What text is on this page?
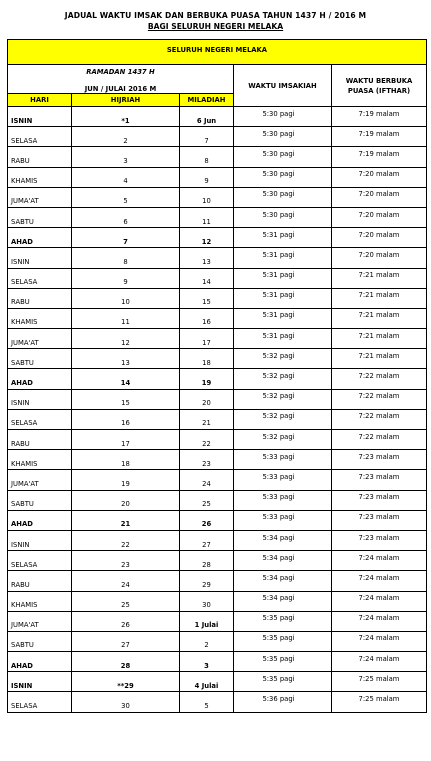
JADUAL WAKTU IMSAK DAN BERBUKA PUASA TAHUN 1437 H / 2016 M
BAGI SELURUH NEGERI MELAKA
SELURUH NEGERI MELAKA				
RAMADAN 1437 H			WAKTU IMSAKIAH	WAKTU BERBUKA PUASA (IFTHAR)
JUN / JULAI 2016 M				
HARI	HIJRIAH	MILADIAH		
ISNIN	*1	6 Jun	5:30 pagi	7:19 malam
SELASA	2	7	5:30 pagi	7:19 malam
RABU	3	8	5:30 pagi	7:19 malam
KHAMIS	4	9	5:30 pagi	7:20 malam
JUMA'AT	5	10	5:30 pagi	7:20 malam
SABTU	6	11	5:30 pagi	7:20 malam
AHAD	7	12	5:31 pagi	7:20 malam
ISNIN	8	13	5:31 pagi	7:20 malam
SELASA	9	14	5:31 pagi	7:21 malam
RABU	10	15	5:31 pagi	7:21 malam
KHAMIS	11	16	5:31 pagi	7:21 malam
JUMA'AT	12	17	5:31 pagi	7:21 malam
SABTU	13	18	5:32 pagi	7:21 malam
AHAD	14	19	5:32 pagi	7:22 malam
ISNIN	15	20	5:32 pagi	7:22 malam
SELASA	16	21	5:32 pagi	7:22 malam
RABU	17	22	5:32 pagi	7:22 malam
KHAMIS	18	23	5:33 pagi	7:23 malam
JUMA'AT	19	24	5:33 pagi	7:23 malam
SABTU	20	25	5:33 pagi	7:23 malam
AHAD	21	26	5:33 pagi	7:23 malam
ISNIN	22	27	5:34 pagi	7:23 malam
SELASA	23	28	5:34 pagi	7:24 malam
RABU	24	29	5:34 pagi	7:24 malam
KHAMIS	25	30	5:34 pagi	7:24 malam
JUMA'AT	26	1 Julai	5:35 pagi	7:24 malam
SABTU	27	2	5:35 pagi	7:24 malam
AHAD	28	3	5:35 pagi	7:24 malam
ISNIN	**29	4 Julai	5:35 pagi	7:25 malam
SELASA	30	5	5:36 pagi	7:25 malam
